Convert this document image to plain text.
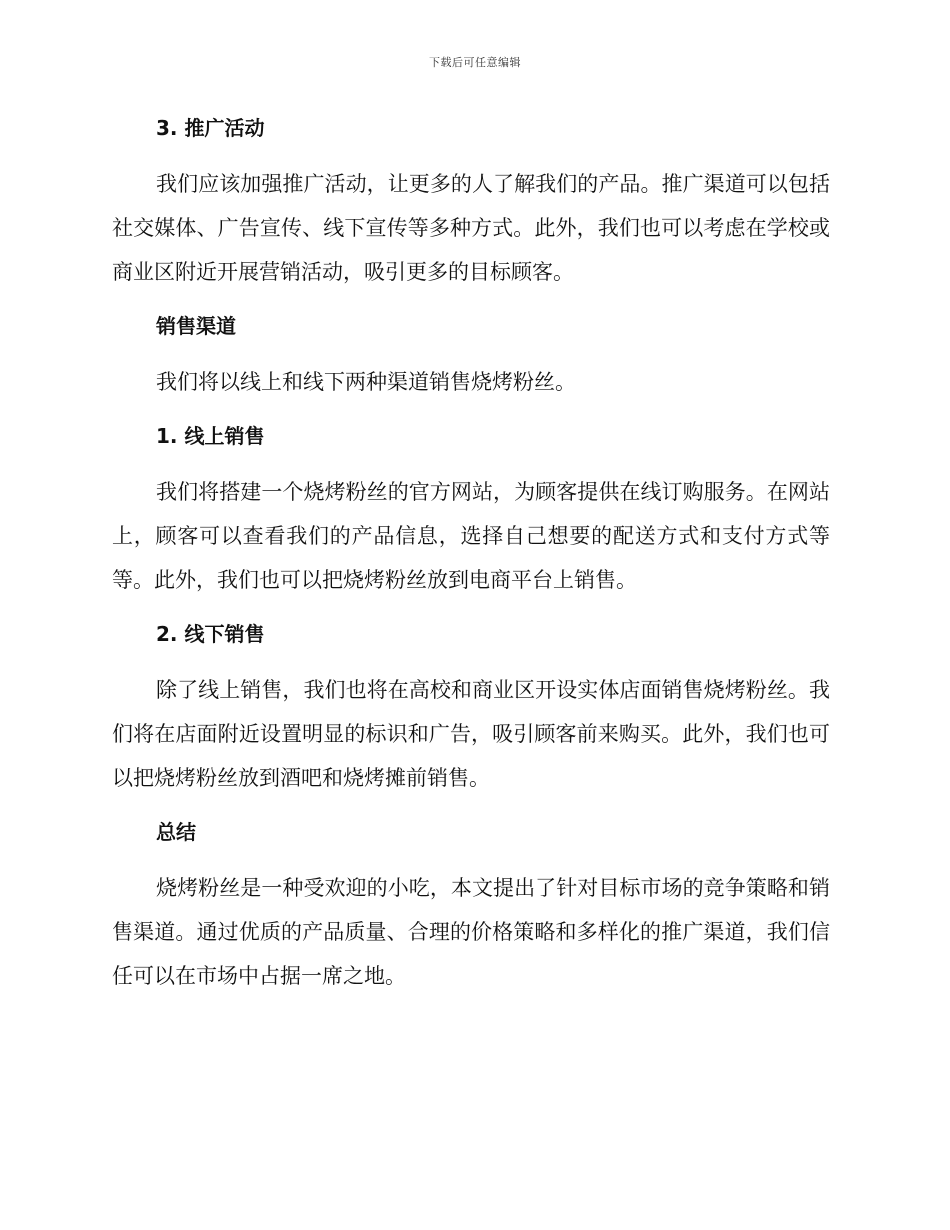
下载后可任意编辑
3. 推广活动

我们应该加强推广活动，让更多的人了解我们的产品。推广渠道可以包括社交媒体、广告宣传、线下宣传等多种方式。此外，我们也可以考虑在学校或商业区附近开展营销活动，吸引更多的目标顾客。

销售渠道

我们将以线上和线下两种渠道销售烧烤粉丝。

1. 线上销售

我们将搭建一个烧烤粉丝的官方网站，为顾客提供在线订购服务。在网站上，顾客可以查看我们的产品信息，选择自己想要的配送方式和支付方式等等。此外，我们也可以把烧烤粉丝放到电商平台上销售。

2. 线下销售

除了线上销售，我们也将在高校和商业区开设实体店面销售烧烤粉丝。我们将在店面附近设置明显的标识和广告，吸引顾客前来购买。此外，我们也可以把烧烤粉丝放到酒吧和烧烤摊前销售。

总结

烧烤粉丝是一种受欢迎的小吃，本文提出了针对目标市场的竞争策略和销售渠道。通过优质的产品质量、合理的价格策略和多样化的推广渠道，我们信任可以在市场中占据一席之地。
